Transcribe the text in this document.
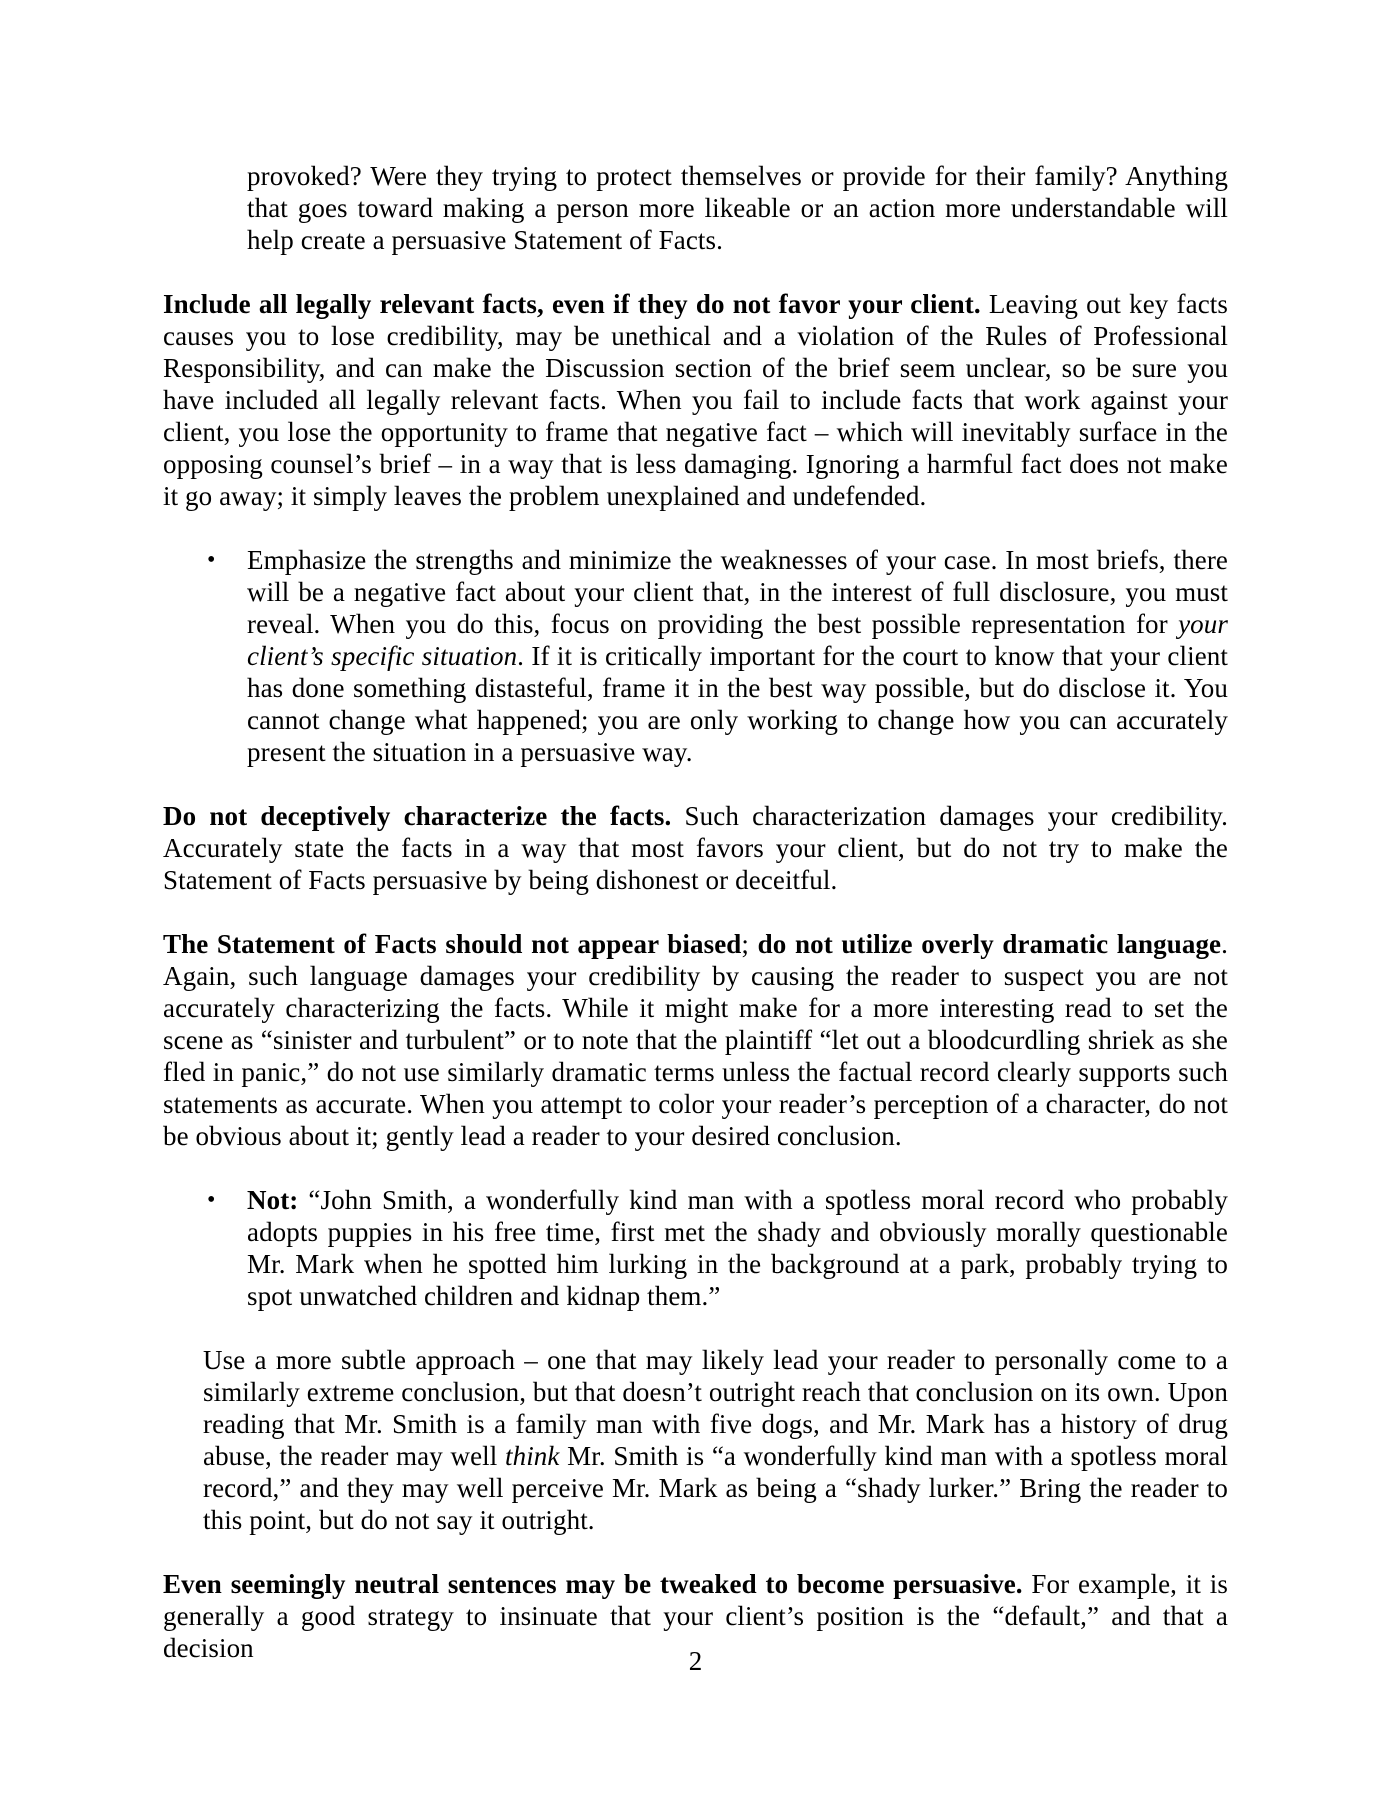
provoked? Were they trying to protect themselves or provide for their family? Anything that goes toward making a person more likeable or an action more understandable will help create a persuasive Statement of Facts.
Include all legally relevant facts, even if they do not favor your client. Leaving out key facts causes you to lose credibility, may be unethical and a violation of the Rules of Professional Responsibility, and can make the Discussion section of the brief seem unclear, so be sure you have included all legally relevant facts. When you fail to include facts that work against your client, you lose the opportunity to frame that negative fact – which will inevitably surface in the opposing counsel’s brief – in a way that is less damaging. Ignoring a harmful fact does not make it go away; it simply leaves the problem unexplained and undefended.
• Emphasize the strengths and minimize the weaknesses of your case. In most briefs, there will be a negative fact about your client that, in the interest of full disclosure, you must reveal. When you do this, focus on providing the best possible representation for your client’s specific situation. If it is critically important for the court to know that your client has done something distasteful, frame it in the best way possible, but do disclose it. You cannot change what happened; you are only working to change how you can accurately present the situation in a persuasive way.
Do not deceptively characterize the facts. Such characterization damages your credibility. Accurately state the facts in a way that most favors your client, but do not try to make the Statement of Facts persuasive by being dishonest or deceitful.
The Statement of Facts should not appear biased; do not utilize overly dramatic language. Again, such language damages your credibility by causing the reader to suspect you are not accurately characterizing the facts. While it might make for a more interesting read to set the scene as “sinister and turbulent” or to note that the plaintiff “let out a bloodcurdling shriek as she fled in panic,” do not use similarly dramatic terms unless the factual record clearly supports such statements as accurate. When you attempt to color your reader’s perception of a character, do not be obvious about it; gently lead a reader to your desired conclusion.
• Not: “John Smith, a wonderfully kind man with a spotless moral record who probably adopts puppies in his free time, first met the shady and obviously morally questionable Mr. Mark when he spotted him lurking in the background at a park, probably trying to spot unwatched children and kidnap them.”
Use a more subtle approach – one that may likely lead your reader to personally come to a similarly extreme conclusion, but that doesn’t outright reach that conclusion on its own. Upon reading that Mr. Smith is a family man with five dogs, and Mr. Mark has a history of drug abuse, the reader may well think Mr. Smith is “a wonderfully kind man with a spotless moral record,” and they may well perceive Mr. Mark as being a “shady lurker.” Bring the reader to this point, but do not say it outright.
Even seemingly neutral sentences may be tweaked to become persuasive. For example, it is generally a good strategy to insinuate that your client’s position is the “default,” and that a decision	2
